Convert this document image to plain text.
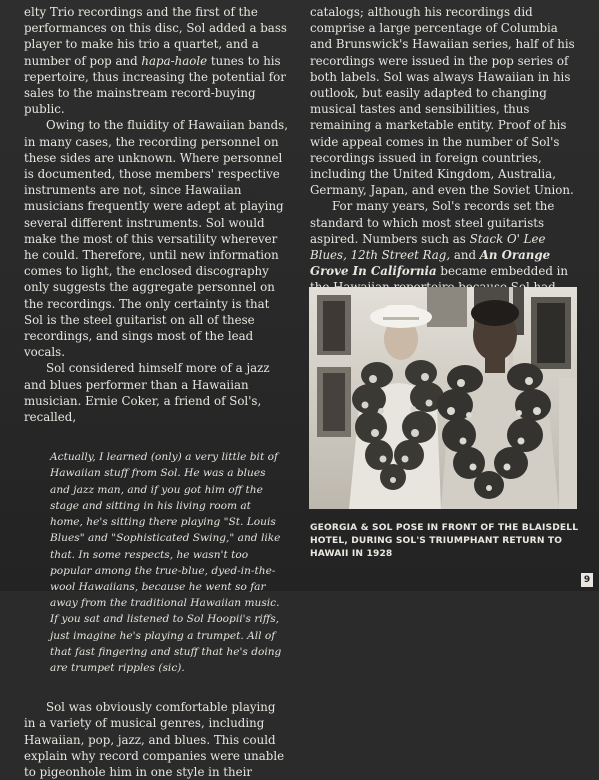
elty Trio recordings and the first of the performances on this disc, Sol added a bass player to make his trio a quartet, and a number of pop and hapa-haole tunes to his repertoire, thus increasing the potential for sales to the mainstream record-buying public.

Owing to the fluidity of Hawaiian bands, in many cases, the recording personnel on these sides are unknown. Where personnel is documented, those members' respective instruments are not, since Hawaiian musicians frequently were adept at playing several different instruments. Sol would make the most of this versatility wherever he could. Therefore, until new information comes to light, the enclosed discography only suggests the aggregate personnel on the recordings. The only certainty is that Sol is the steel guitarist on all of these recordings, and sings most of the lead vocals.

Sol considered himself more of a jazz and blues performer than a Hawaiian musician. Ernie Coker, a friend of Sol's, recalled,

Actually, I learned (only) a very little bit of Hawaiian stuff from Sol. He was a blues and jazz man, and if you got him off the stage and sitting in his living room at home, he's sitting there playing "St. Louis Blues" and "Sophisticated Swing," and like that. In some respects, he wasn't too popular among the true-blue, dyed-in-the-wool Hawaiians, because he went so far away from the traditional Hawaiian music. If you sat and listened to Sol Hoopii's riffs, just imagine he's playing a trumpet. All of that fast fingering and stuff that he's doing are trumpet ripples (sic).

Sol was obviously comfortable playing in a variety of musical genres, including Hawaiian, pop, jazz, and blues. This could explain why record companies were unable to pigeonhole him in one style in their

catalogs; although his recordings did comprise a large percentage of Columbia and Brunswick's Hawaiian series, half of his recordings were issued in the pop series of both labels. Sol was always Hawaiian in his outlook, but easily adapted to changing musical tastes and sensibilities, thus remaining a marketable entity. Proof of his wide appeal comes in the number of Sol's recordings issued in foreign countries, including the United Kingdom, Australia, Germany, Japan, and even the Soviet Union.

For many years, Sol's records set the standard to which most steel guitarists aspired. Numbers such as Stack O' Lee Blues, 12th Street Rag, and An Orange Grove In California became embedded in

GEORGIA & SOL POSE IN FRONT OF THE BLAISDELL HOTEL, DURING SOL'S TRIUMPHANT RETURN TO HAWAII IN 1928
9
